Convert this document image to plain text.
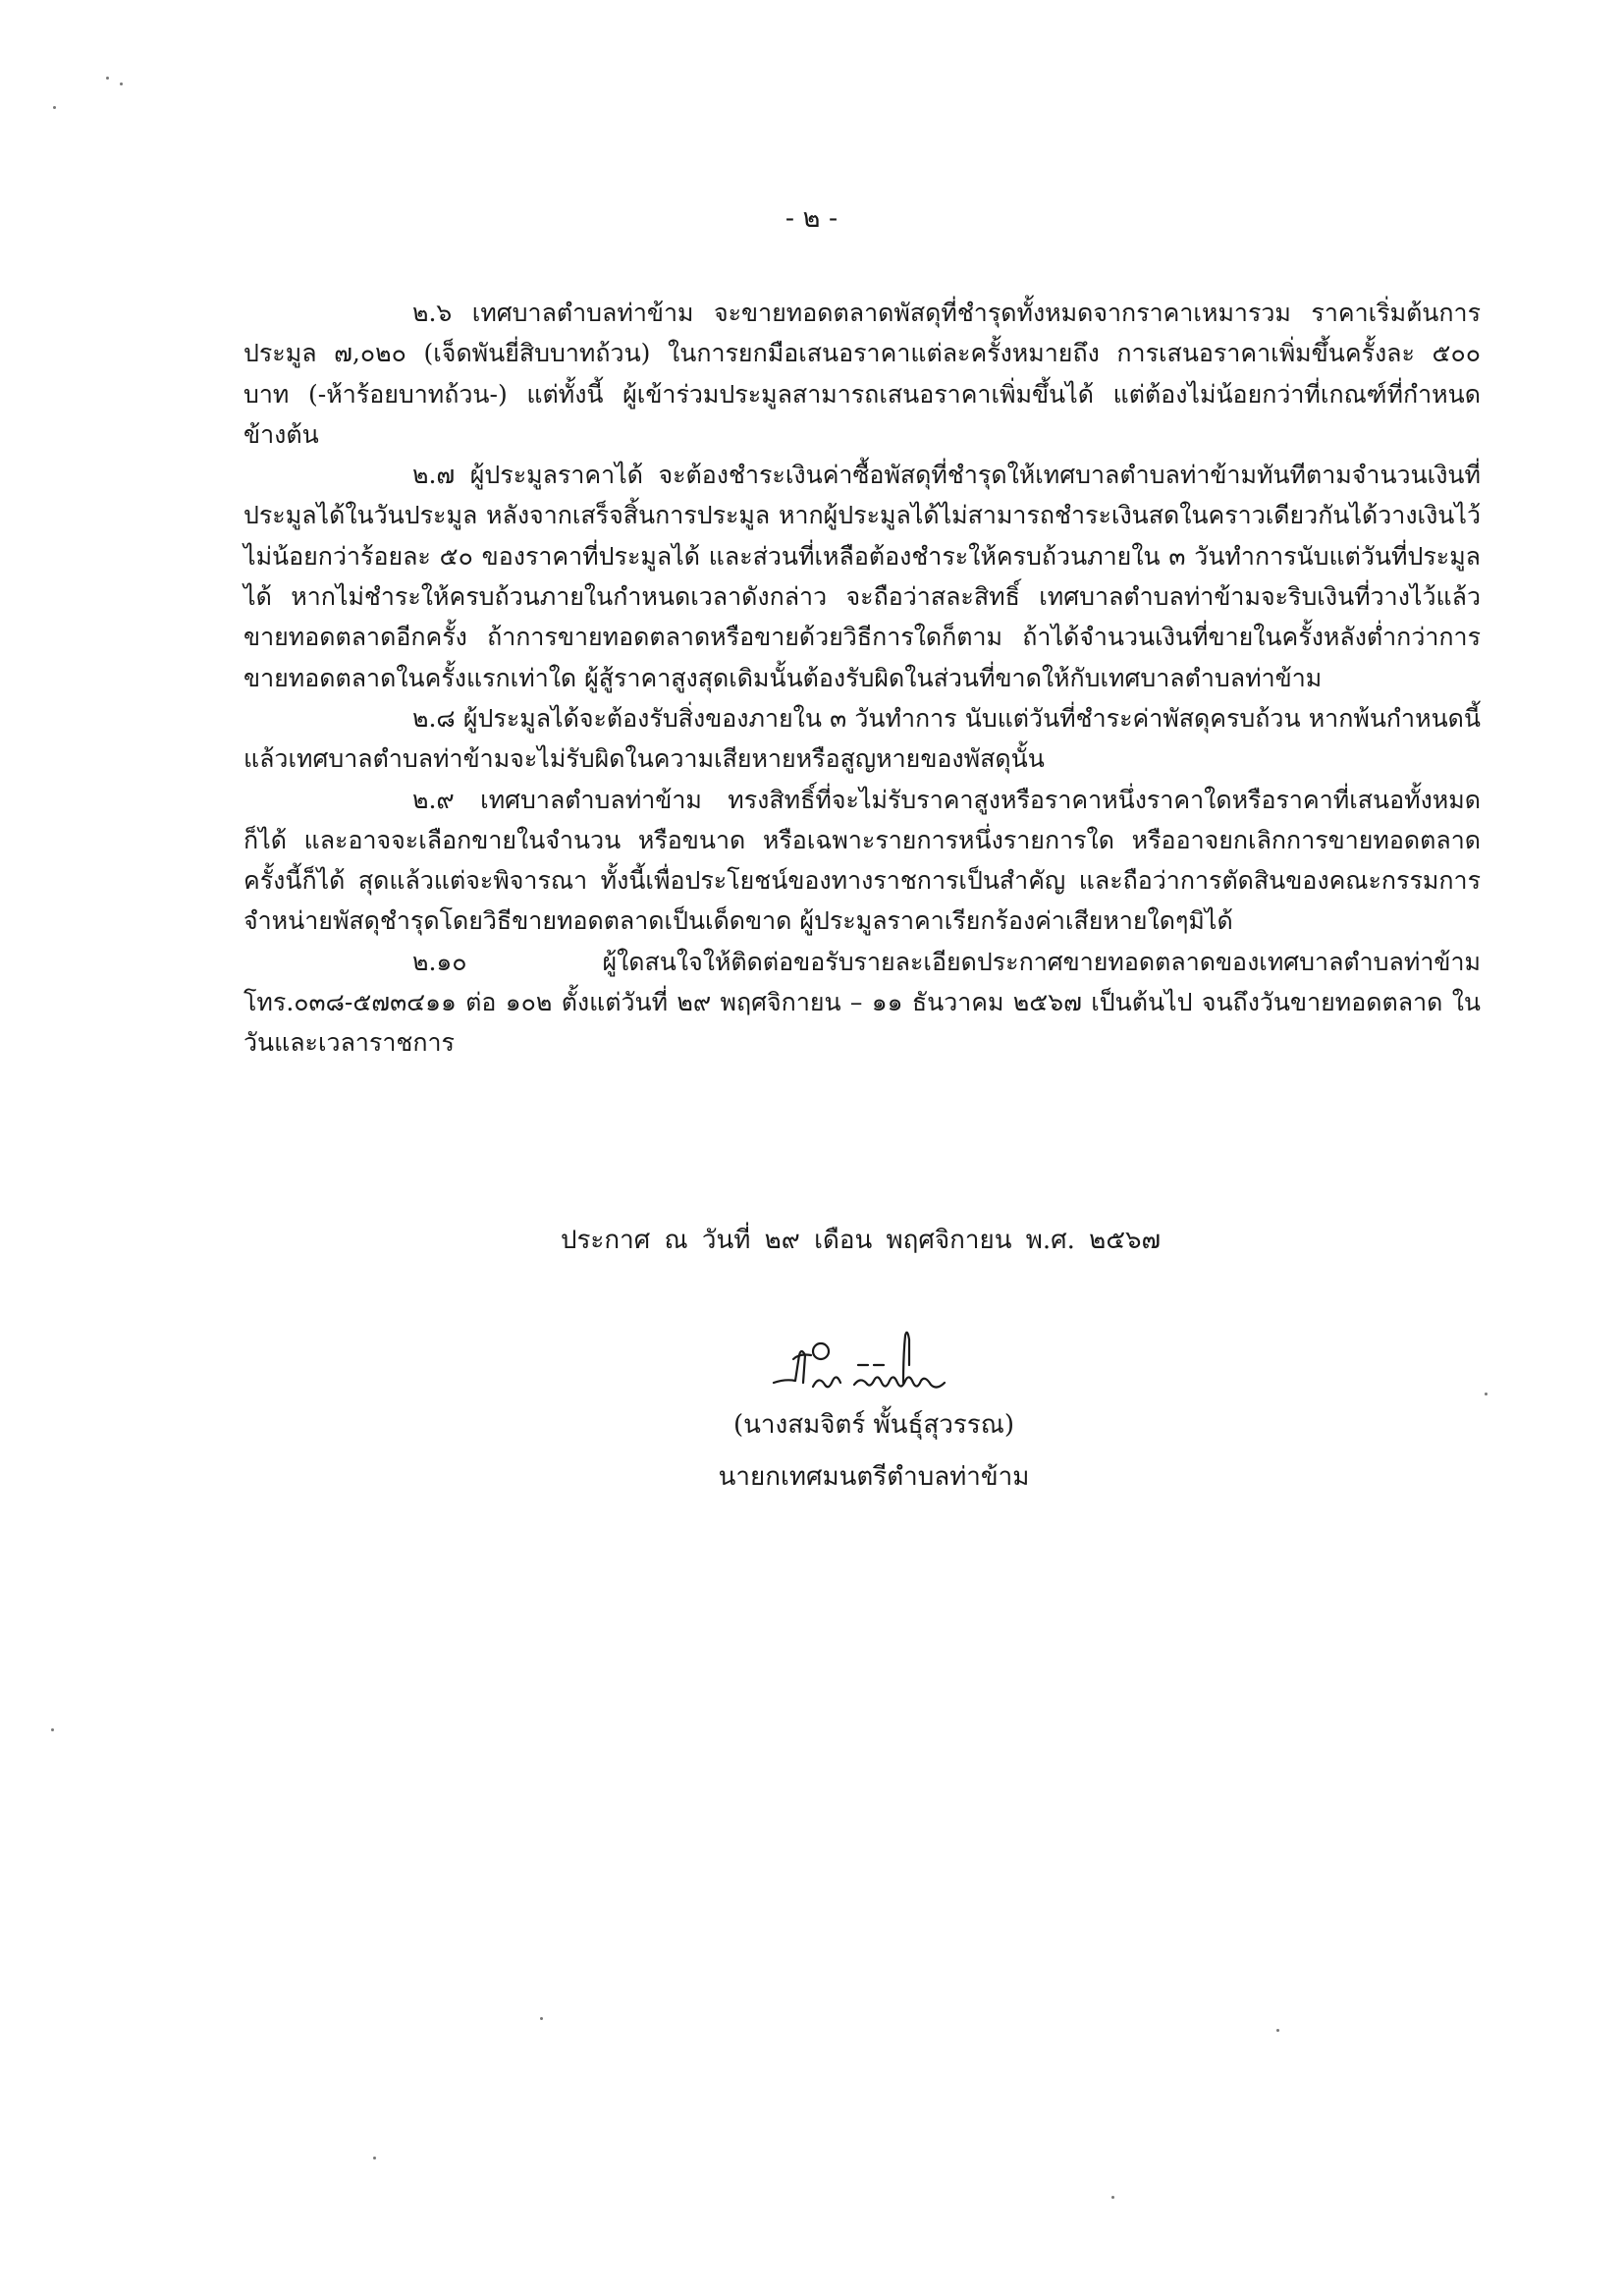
- ๒ -

๒.๖ เทศบาลตำบลท่าข้าม จะขายทอดตลาดพัสดุที่ชำรุดทั้งหมดจากราคาเหมารวม ราคาเริ่มต้นการประมูล ๗,๐๒๐ (เจ็ดพันยี่สิบบาทถ้วน) ในการยกมือเสนอราคาแต่ละครั้งหมายถึง การเสนอราคาเพิ่มขึ้นครั้งละ ๕๐๐ บาท (-ห้าร้อยบาทถ้วน-) แต่ทั้งนี้ ผู้เข้าร่วมประมูลสามารถเสนอราคาเพิ่มขึ้นได้ แต่ต้องไม่น้อยกว่าที่เกณฑ์ที่กำหนด ข้างต้น

๒.๗ ผู้ประมูลราคาได้ จะต้องชำระเงินค่าซื้อพัสดุที่ชำรุดให้เทศบาลตำบลท่าข้ามทันทีตามจำนวนเงินที่ประมูลได้ในวันประมูล หลังจากเสร็จสิ้นการประมูล หากผู้ประมูลได้ไม่สามารถชำระเงินสดในคราวเดียวกันได้วางเงินไว้ไม่น้อยกว่าร้อยละ ๕๐ ของราคาที่ประมูลได้ และส่วนที่เหลือต้องชำระให้ครบถ้วนภายใน ๓ วันทำการนับแต่วันที่ประมูลได้ หากไม่ชำระให้ครบถ้วนภายในกำหนดเวลาดังกล่าว จะถือว่าสละสิทธิ์ เทศบาลตำบลท่าข้ามจะริบเงินที่วางไว้แล้วขายทอดตลาดอีกครั้ง ถ้าการขายทอดตลาดหรือขายด้วยวิธีการใดก็ตาม ถ้าได้จำนวนเงินที่ขายในครั้งหลังต่ำกว่าการขายทอดตลาดในครั้งแรกเท่าใด ผู้สู้ราคาสูงสุดเดิมนั้นต้องรับผิดในส่วนที่ขาดให้กับเทศบาลตำบลท่าข้าม

๒.๘ ผู้ประมูลได้จะต้องรับสิ่งของภายใน ๓ วันทำการ นับแต่วันที่ชำระค่าพัสดุครบถ้วน หากพ้นกำหนดนี้แล้วเทศบาลตำบลท่าข้ามจะไม่รับผิดในความเสียหายหรือสูญหายของพัสดุนั้น

๒.๙ เทศบาลตำบลท่าข้าม ทรงสิทธิ์ที่จะไม่รับราคาสูงหรือราคาหนึ่งราคาใดหรือราคาที่เสนอทั้งหมดก็ได้ และอาจจะเลือกขายในจำนวน หรือขนาด หรือเฉพาะรายการหนึ่งรายการใด หรืออาจยกเลิกการขายทอดตลาดครั้งนี้ก็ได้ สุดแล้วแต่จะพิจารณา ทั้งนี้เพื่อประโยชน์ของทางราชการเป็นสำคัญ และถือว่าการตัดสินของคณะกรรมการจำหน่ายพัสดุชำรุดโดยวิธีขายทอดตลาดเป็นเด็ดขาด ผู้ประมูลราคาเรียกร้องค่าเสียหายใดๆมิได้

๒.๑๐ ผู้ใดสนใจให้ติดต่อขอรับรายละเอียดประกาศขายทอดตลาดของเทศบาลตำบลท่าข้าม โทร.๐๓๘-๕๗๓๔๑๑ ต่อ ๑๐๒ ตั้งแต่วันที่ ๒๙ พฤศจิกายน – ๑๑ ธันวาคม ๒๕๖๗ เป็นต้นไป จนถึงวันขายทอดตลาด ในวันและเวลาราชการ

ประกาศ ณ วันที่ ๒๙ เดือน พฤศจิกายน พ.ศ. ๒๕๖๗
(นางสมจิตร์ พั้นธุ์สุวรรณ)
นายกเทศมนตรีตำบลท่าข้าม
